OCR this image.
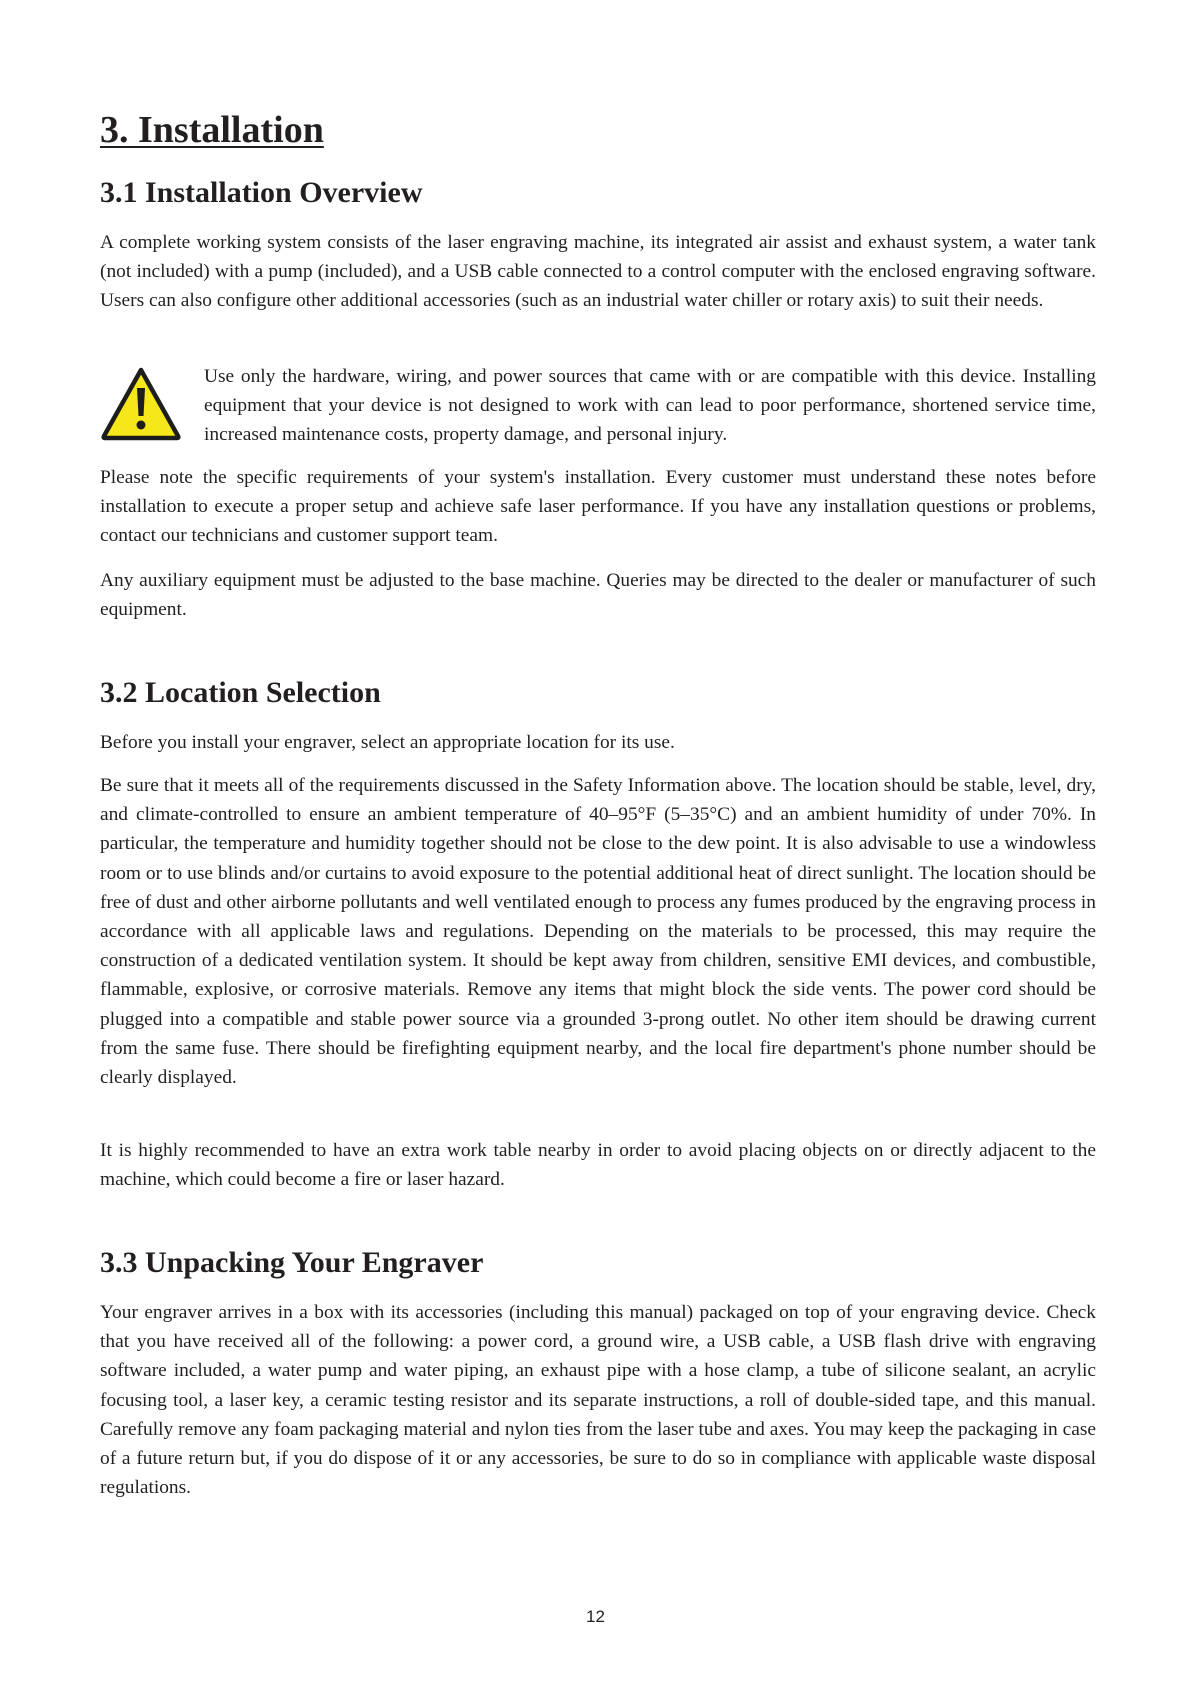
3. Installation
3.1 Installation Overview

A complete working system consists of the laser engraving machine, its integrated air assist and exhaust system, a water tank (not included) with a pump (included), and a USB cable connected to a control computer with the enclosed engraving software. Users can also configure other additional accessories (such as an industrial water chiller or rotary axis) to suit their needs.

Use only the hardware, wiring, and power sources that came with or are compatible with this device. Installing equipment that your device is not designed to work with can lead to poor performance, shortened service time, increased maintenance costs, property damage, and personal injury.

Please note the specific requirements of your system's installation. Every customer must understand these notes before installation to execute a proper setup and achieve safe laser performance. If you have any installation questions or problems, contact our technicians and customer support team.

Any auxiliary equipment must be adjusted to the base machine. Queries may be directed to the dealer or manufacturer of such equipment.

3.2 Location Selection

Before you install your engraver, select an appropriate location for its use.

Be sure that it meets all of the requirements discussed in the Safety Information above. The location should be stable, level, dry, and climate-controlled to ensure an ambient temperature of 40–95°F (5–35°C) and an ambient humidity of under 70%. In particular, the temperature and humidity together should not be close to the dew point. It is also advisable to use a windowless room or to use blinds and/or curtains to avoid exposure to the potential additional heat of direct sunlight. The location should be free of dust and other airborne pollutants and well ventilated enough to process any fumes produced by the engraving process in accordance with all applicable laws and regulations. Depending on the materials to be processed, this may require the construction of a dedicated ventilation system. It should be kept away from children, sensitive EMI devices, and combustible, flammable, explosive, or corrosive materials. Remove any items that might block the side vents. The power cord should be plugged into a compatible and stable power source via a grounded 3-prong outlet. No other item should be drawing current from the same fuse. There should be firefighting equipment nearby, and the local fire department's phone number should be clearly displayed.

It is highly recommended to have an extra work table nearby in order to avoid placing objects on or directly adjacent to the machine, which could become a fire or laser hazard.

3.3 Unpacking Your Engraver

Your engraver arrives in a box with its accessories (including this manual) packaged on top of your engraving device. Check that you have received all of the following: a power cord, a ground wire, a USB cable, a USB flash drive with engraving software included, a water pump and water piping, an exhaust pipe with a hose clamp, a tube of silicone sealant, an acrylic focusing tool, a laser key, a ceramic testing resistor and its separate instructions, a roll of double-sided tape, and this manual. Carefully remove any foam packaging material and nylon ties from the laser tube and axes. You may keep the packaging in case of a future return but, if you do dispose of it or any accessories, be sure to do so in compliance with applicable waste disposal regulations.

12
